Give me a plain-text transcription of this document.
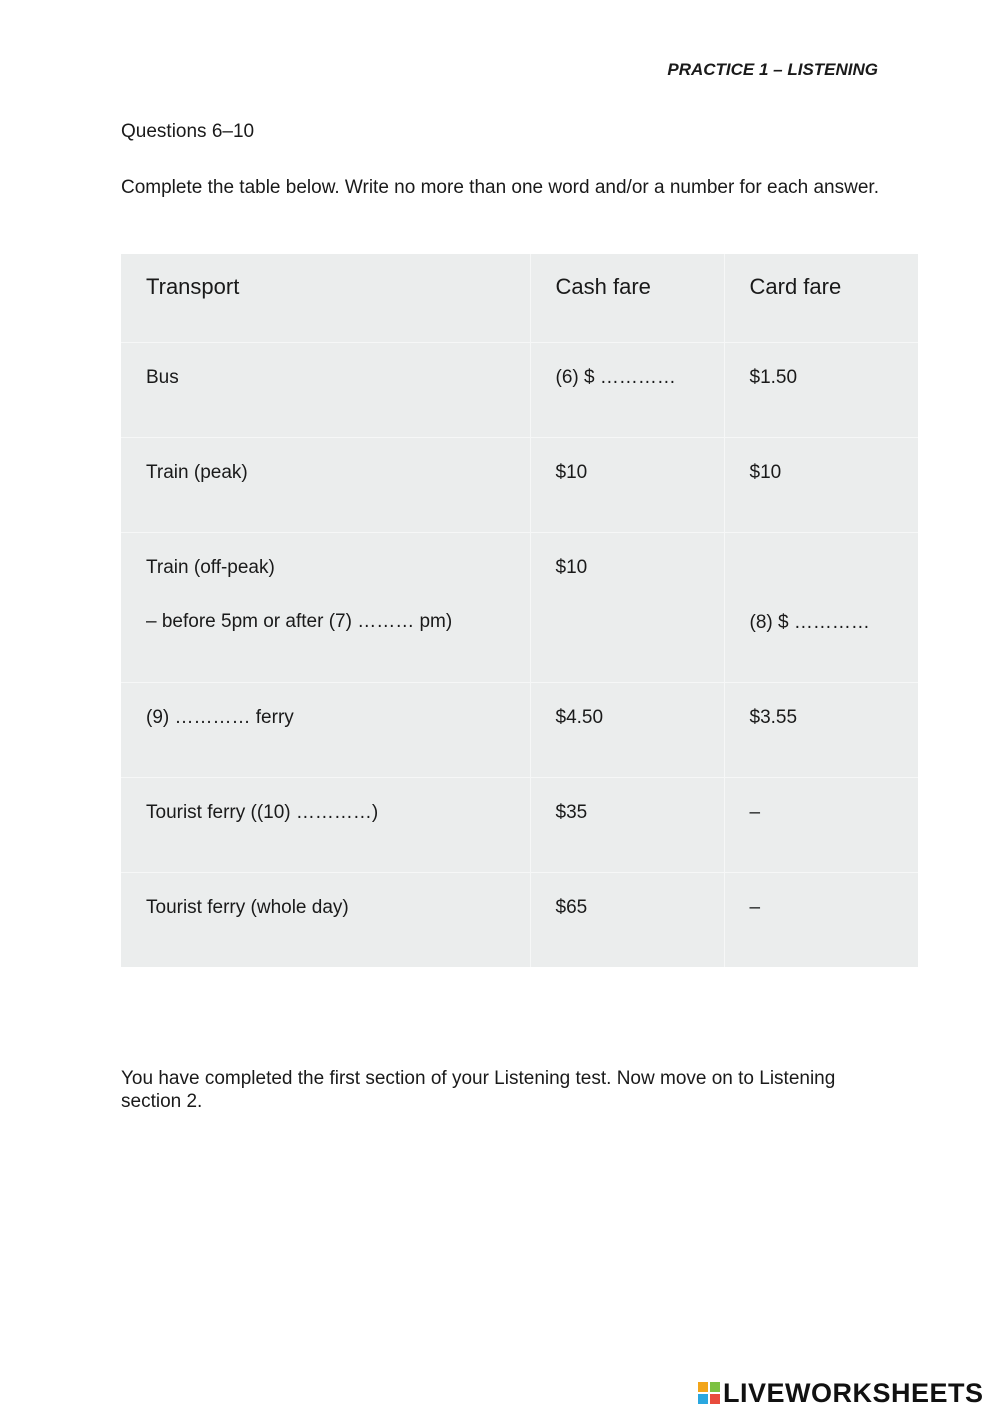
PRACTICE 1 – LISTENING
Questions 6–10
Complete the table below. Write no more than one word and/or a number for each answer.
Transport	Cash fare	Card fare
Bus	(6) $ …………	$1.50
Train (peak)	$10	$10

Train (off-peak)
– before 5pm or after (7) ……… pm)	$10	(8) $ …………

(9) ………… ferry	$4.50	$3.55
Tourist ferry ((10) …………)	$35	–
Tourist ferry (whole day)	$65	–
You have completed the first section of your Listening test. Now move on to Listening section 2.
LIVEWORKSHEETS
